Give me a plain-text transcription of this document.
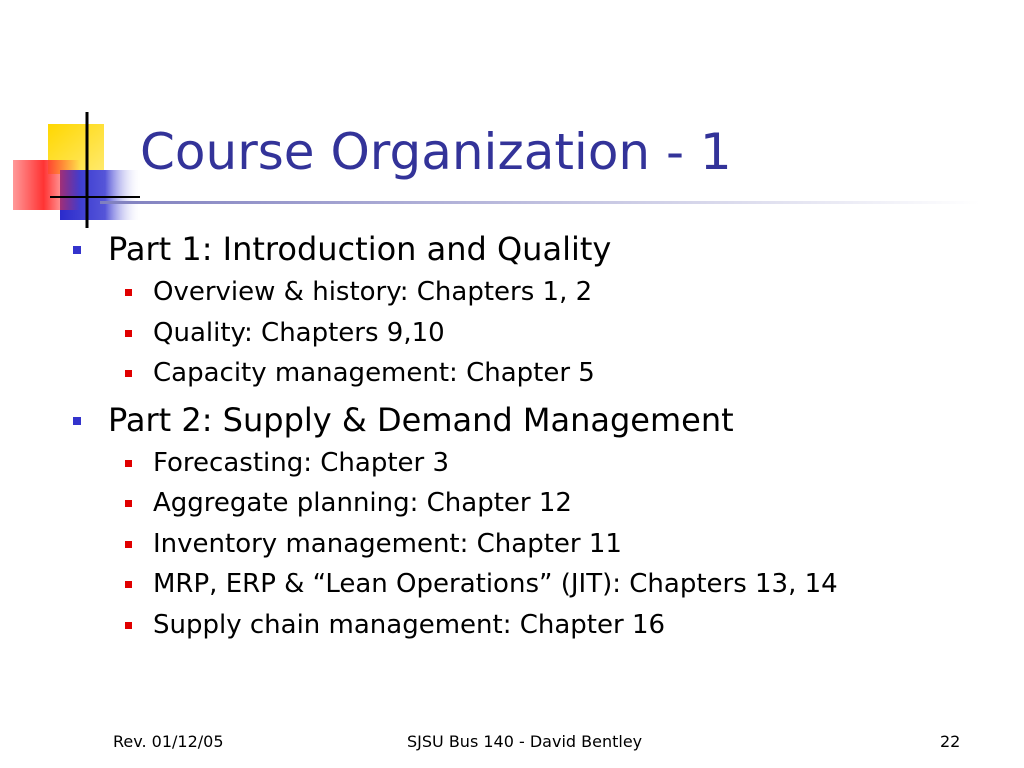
Course Organization - 1
Part 1: Introduction and Quality
Overview & history: Chapters 1, 2
Quality: Chapters 9,10
Capacity management: Chapter 5
Part 2: Supply & Demand Management
Forecasting: Chapter 3
Aggregate planning: Chapter 12
Inventory management: Chapter 11
MRP, ERP & “Lean Operations” (JIT): Chapters 13, 14
Supply chain management: Chapter 16
Rev. 01/12/05	SJSU Bus 140 - David Bentley	22
